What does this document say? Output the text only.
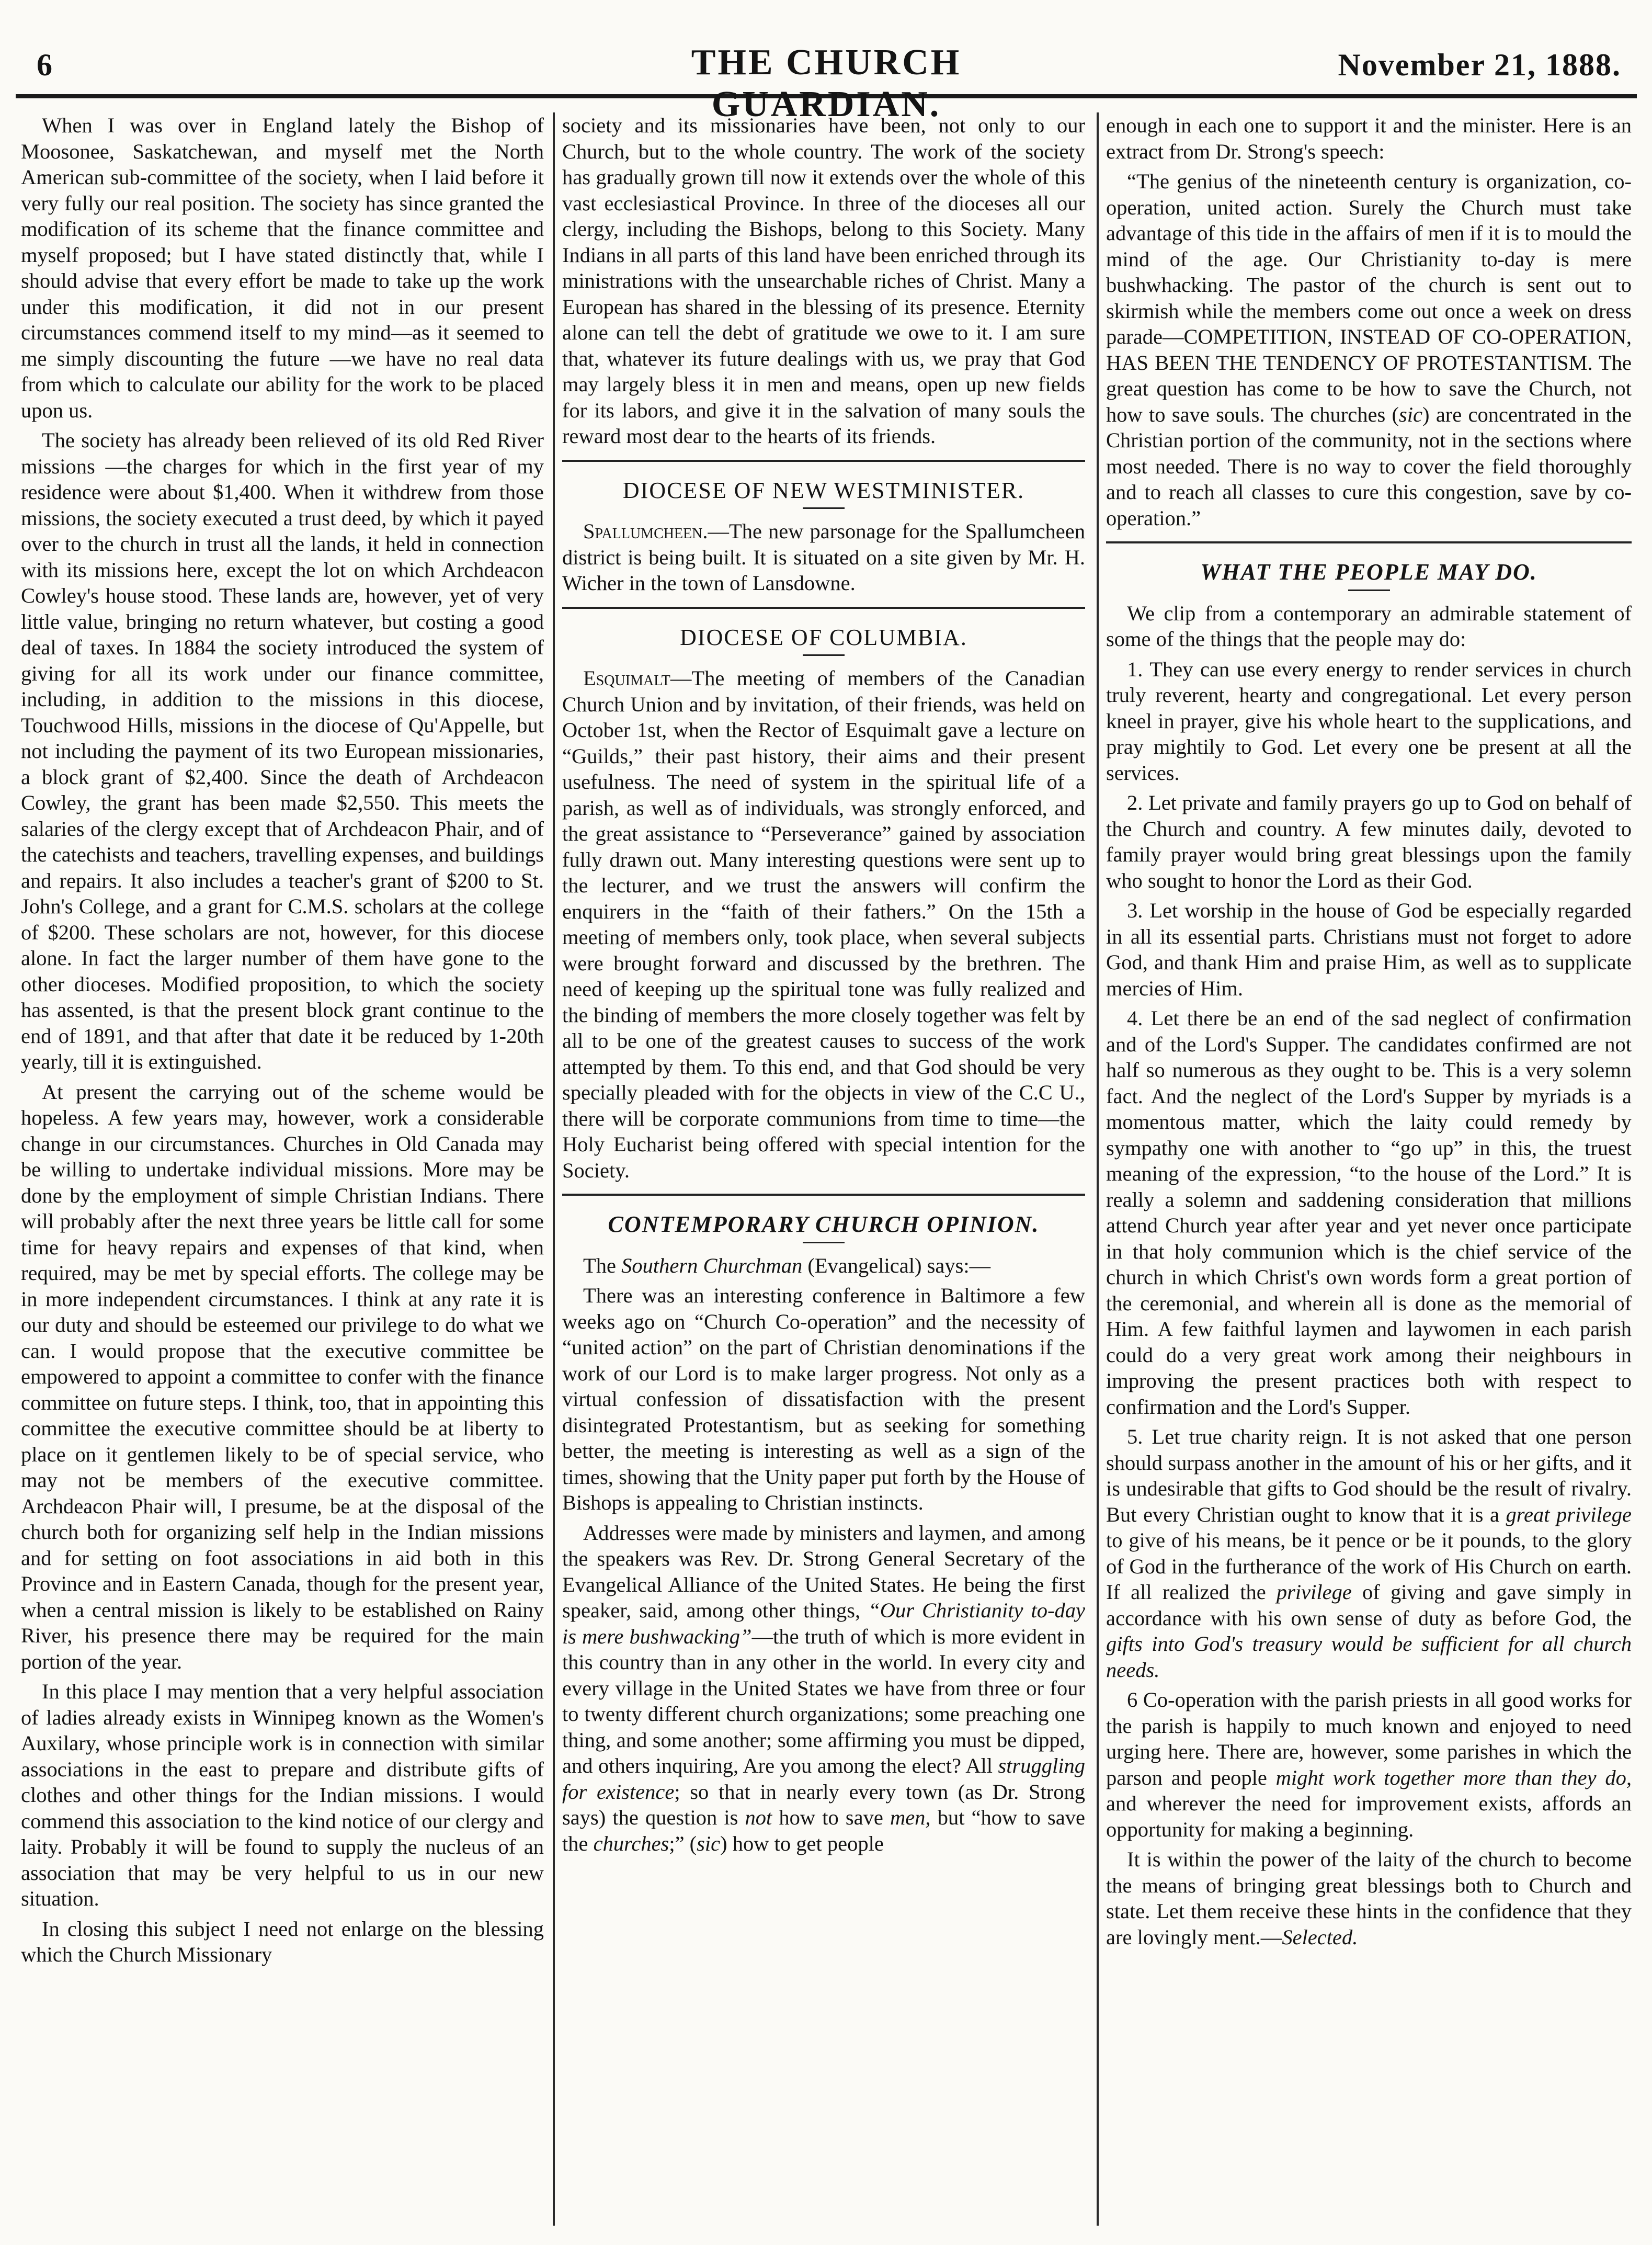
6	THE CHURCH GUARDIAN.
November 21, 1888.

When I was over in England lately the Bishop of Moosonee, Saskatchewan, and myself met the North American sub-committee of the society, when I laid before it very fully our real position. The society has since granted the modification of its scheme that the finance committee and myself proposed; but I have stated distinctly that, while I should advise that every effort be made to take up the work under this modification, it did not in our present circumstances commend itself to my mind—as it seemed to me simply discounting the future —we have no real data from which to calculate our ability for the work to be placed upon us.

The society has already been relieved of its old Red River missions —the charges for which in the first year of my residence were about $1,400. When it withdrew from those missions, the society executed a trust deed, by which it payed over to the church in trust all the lands, it held in connection with its missions here, except the lot on which Archdeacon Cowley's house stood. These lands are, however, yet of very little value, bringing no return whatever, but costing a good deal of taxes. In 1884 the society introduced the system of giving for all its work under our finance committee, including, in addition to the missions in this diocese, Touchwood Hills, missions in the diocese of Qu'Appelle, but not including the payment of its two European missionaries, a block grant of $2,400. Since the death of Archdeacon Cowley, the grant has been made $2,550. This meets the salaries of the clergy except that of Archdeacon Phair, and of the catechists and teachers, travelling expenses, and buildings and repairs. It also includes a teacher's grant of $200 to St. John's College, and a grant for C.M.S. scholars at the college of $200. These scholars are not, however, for this diocese alone. In fact the larger number of them have gone to the other dioceses. Modified proposition, to which the society has assented, is that the present block grant continue to the end of 1891, and that after that date it be reduced by 1-20th yearly, till it is extinguished.

At present the carrying out of the scheme would be hopeless. A few years may, however, work a considerable change in our circumstances. Churches in Old Canada may be willing to undertake individual missions. More may be done by the employment of simple Christian Indians. There will probably after the next three years be little call for some time for heavy repairs and expenses of that kind, when required, may be met by special efforts. The college may be in more independent circumstances. I think at any rate it is our duty and should be esteemed our privilege to do what we can. I would propose that the executive committee be empowered to appoint a committee to confer with the finance committee on future steps. I think, too, that in appointing this committee the executive committee should be at liberty to place on it gentlemen likely to be of special service, who may not be members of the executive committee. Archdeacon Phair will, I presume, be at the disposal of the church both for organizing self help in the Indian missions and for setting on foot associations in aid both in this Province and in Eastern Canada, though for the present year, when a central mission is likely to be established on Rainy River, his presence there may be required for the main portion of the year.

In this place I may mention that a very helpful association of ladies already exists in Winnipeg known as the Women's Auxilary, whose principle work is in connection with similar associations in the east to prepare and distribute gifts of clothes and other things for the Indian missions. I would commend this association to the kind notice of our clergy and laity. Probably it will be found to supply the nucleus of an association that may be very helpful to us in our new situation.

In closing this subject I need not enlarge on the blessing which the Church Missionary

society and its missionaries have been, not only to our Church, but to the whole country. The work of the society has gradually grown till now it extends over the whole of this vast ecclesiastical Province. In three of the dioceses all our clergy, including the Bishops, belong to this Society. Many Indians in all parts of this land have been enriched through its ministrations with the unsearchable riches of Christ. Many a European has shared in the blessing of its presence. Eternity alone can tell the debt of gratitude we owe to it. I am sure that, whatever its future dealings with us, we pray that God may largely bless it in men and means, open up new fields for its labors, and give it in the salvation of many souls the reward most dear to the hearts of its friends.

DIOCESE OF NEW WESTMINISTER.

Spallumcheen.—The new parsonage for the Spallumcheen district is being built. It is situated on a site given by Mr. H. Wicher in the town of Lansdowne.

DIOCESE OF COLUMBIA.

Esquimalt—The meeting of members of the Canadian Church Union and by invitation, of their friends, was held on October 1st, when the Rector of Esquimalt gave a lecture on “Guilds,” their past history, their aims and their present usefulness. The need of system in the spiritual life of a parish, as well as of individuals, was strongly enforced, and the great assistance to “Perseverance” gained by association fully drawn out. Many interesting questions were sent up to the lecturer, and we trust the answers will confirm the enquirers in the “faith of their fathers.” On the 15th a meeting of members only, took place, when several subjects were brought forward and discussed by the brethren. The need of keeping up the spiritual tone was fully realized and the binding of members the more closely together was felt by all to be one of the greatest causes to success of the work attempted by them. To this end, and that God should be very specially pleaded with for the objects in view of the C.C U., there will be corporate communions from time to time—the Holy Eucharist being offered with special intention for the Society.

CONTEMPORARY CHURCH OPINION.

The Southern Churchman (Evangelical) says:—

There was an interesting conference in Baltimore a few weeks ago on “Church Co-operation” and the necessity of “united action” on the part of Christian denominations if the work of our Lord is to make larger progress. Not only as a virtual confession of dissatisfaction with the present disintegrated Protestantism, but as seeking for something better, the meeting is interesting as well as a sign of the times, showing that the Unity paper put forth by the House of Bishops is appealing to Christian instincts.

Addresses were made by ministers and laymen, and among the speakers was Rev. Dr. Strong General Secretary of the Evangelical Alliance of the United States. He being the first speaker, said, among other things, “Our Christianity to-day is mere bushwacking”—the truth of which is more evident in this country than in any other in the world. In every city and every village in the United States we have from three or four to twenty different church organizations; some preaching one thing, and some another; some affirming you must be dipped, and others inquiring, Are you among the elect? All struggling for existence; so that in nearly every town (as Dr. Strong says) the question is not how to save men, but “how to save the churches;” (sic) how to get people

enough in each one to support it and the minister. Here is an extract from Dr. Strong's speech:

“The genius of the nineteenth century is organization, co-operation, united action. Surely the Church must take advantage of this tide in the affairs of men if it is to mould the mind of the age. Our Christianity to-day is mere bushwhacking. The pastor of the church is sent out to skirmish while the members come out once a week on dress parade—COMPETITION, INSTEAD OF CO-OPERATION, HAS BEEN THE TENDENCY OF PROTESTANTISM. The great question has come to be how to save the Church, not how to save souls. The churches (sic) are concentrated in the Christian portion of the community, not in the sections where most needed. There is no way to cover the field thoroughly and to reach all classes to cure this congestion, save by co-operation.”

WHAT THE PEOPLE MAY DO.

We clip from a contemporary an admirable statement of some of the things that the people may do:

1. They can use every energy to render services in church truly reverent, hearty and congregational. Let every person kneel in prayer, give his whole heart to the supplications, and pray mightily to God. Let every one be present at all the services.

2. Let private and family prayers go up to God on behalf of the Church and country. A few minutes daily, devoted to family prayer would bring great blessings upon the family who sought to honor the Lord as their God.

3. Let worship in the house of God be especially regarded in all its essential parts. Christians must not forget to adore God, and thank Him and praise Him, as well as to supplicate mercies of Him.

4. Let there be an end of the sad neglect of confirmation and of the Lord's Supper. The candidates confirmed are not half so numerous as they ought to be. This is a very solemn fact. And the neglect of the Lord's Supper by myriads is a momentous matter, which the laity could remedy by sympathy one with another to “go up” in this, the truest meaning of the expression, “to the house of the Lord.” It is really a solemn and saddening consideration that millions attend Church year after year and yet never once participate in that holy communion which is the chief service of the church in which Christ's own words form a great portion of the ceremonial, and wherein all is done as the memorial of Him. A few faithful laymen and laywomen in each parish could do a very great work among their neighbours in improving the present practices both with respect to confirmation and the Lord's Supper.

5. Let true charity reign. It is not asked that one person should surpass another in the amount of his or her gifts, and it is undesirable that gifts to God should be the result of rivalry. But every Christian ought to know that it is a great privilege to give of his means, be it pence or be it pounds, to the glory of God in the furtherance of the work of His Church on earth. If all realized the privilege of giving and gave simply in accordance with his own sense of duty as before God, the gifts into God's treasury would be sufficient for all church needs.

6 Co-operation with the parish priests in all good works for the parish is happily to much known and enjoyed to need urging here. There are, however, some parishes in which the parson and people might work together more than they do, and wherever the need for improvement exists, affords an opportunity for making a beginning.

It is within the power of the laity of the church to become the means of bringing great blessings both to Church and state. Let them receive these hints in the confidence that they are lovingly ment.—Selected.
